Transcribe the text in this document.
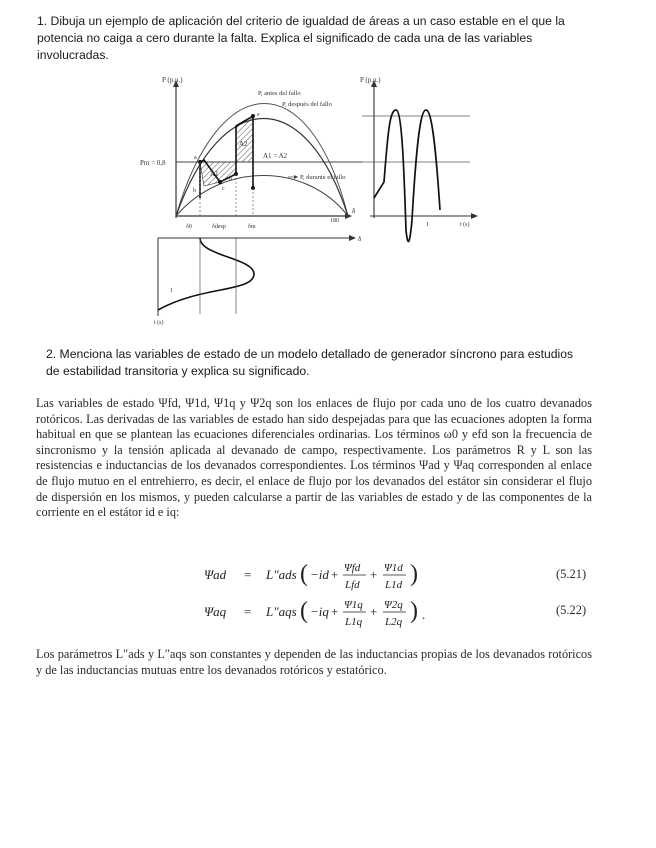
1. Dibuja un ejemplo de aplicación del criterio de igualdad de áreas a un caso estable en el que la potencia no caiga a cero durante la falta. Explica el significado de cada una de las variables involucradas.
P (p.u.)
Pm = 0,8
A1
A2
A1 = A2
a
b	c
d
e
P, antes del fallo
P, después del fallo
P, durante el fallo
δ
δ0	δdesp	δm
180
δ
1
t (s)
P (p.u.)
1	t (s)
2. Menciona las variables de estado de un modelo detallado de generador síncrono para estudios de estabilidad transitoria y explica su significado.
Las variables de estado Ψfd, Ψ1d, Ψ1q y Ψ2q son los enlaces de flujo por cada uno de los cuatro devanados rotóricos. Las derivadas de las variables de estado han sido despejadas para que las ecuaciones adopten la forma habitual en que se plantean las ecuaciones diferenciales ordinarias. Los términos ω0 y efd son la frecuencia de sincronismo y la tensión aplicada al devanado de campo, respectivamente. Los parámetros R y L son las resistencias e inductancias de los devanados correspondientes. Los términos Ψad y Ψaq corresponden al enlace de flujo mutuo en el entrehierro, es decir, el enlace de flujo por los devanados del estátor sin considerar el flujo de dispersión en los mismos, y pueden calcularse a partir de las variables de estado y de las componentes de la corriente en el estátor id e iq:
Ψad = L″ads ( −id + Ψfd
Lfd
+ Ψ1d
L1d )	(5.21)
Ψaq = L″aqs ( −iq + Ψ1q
L1q
+ Ψ2q
L2q ) .	(5.22)
Los parámetros L″ads y L″aqs son constantes y dependen de las inductancias propias de los devanados rotóricos y de las inductancias mutuas entre los devanados rotóricos y estatórico.
